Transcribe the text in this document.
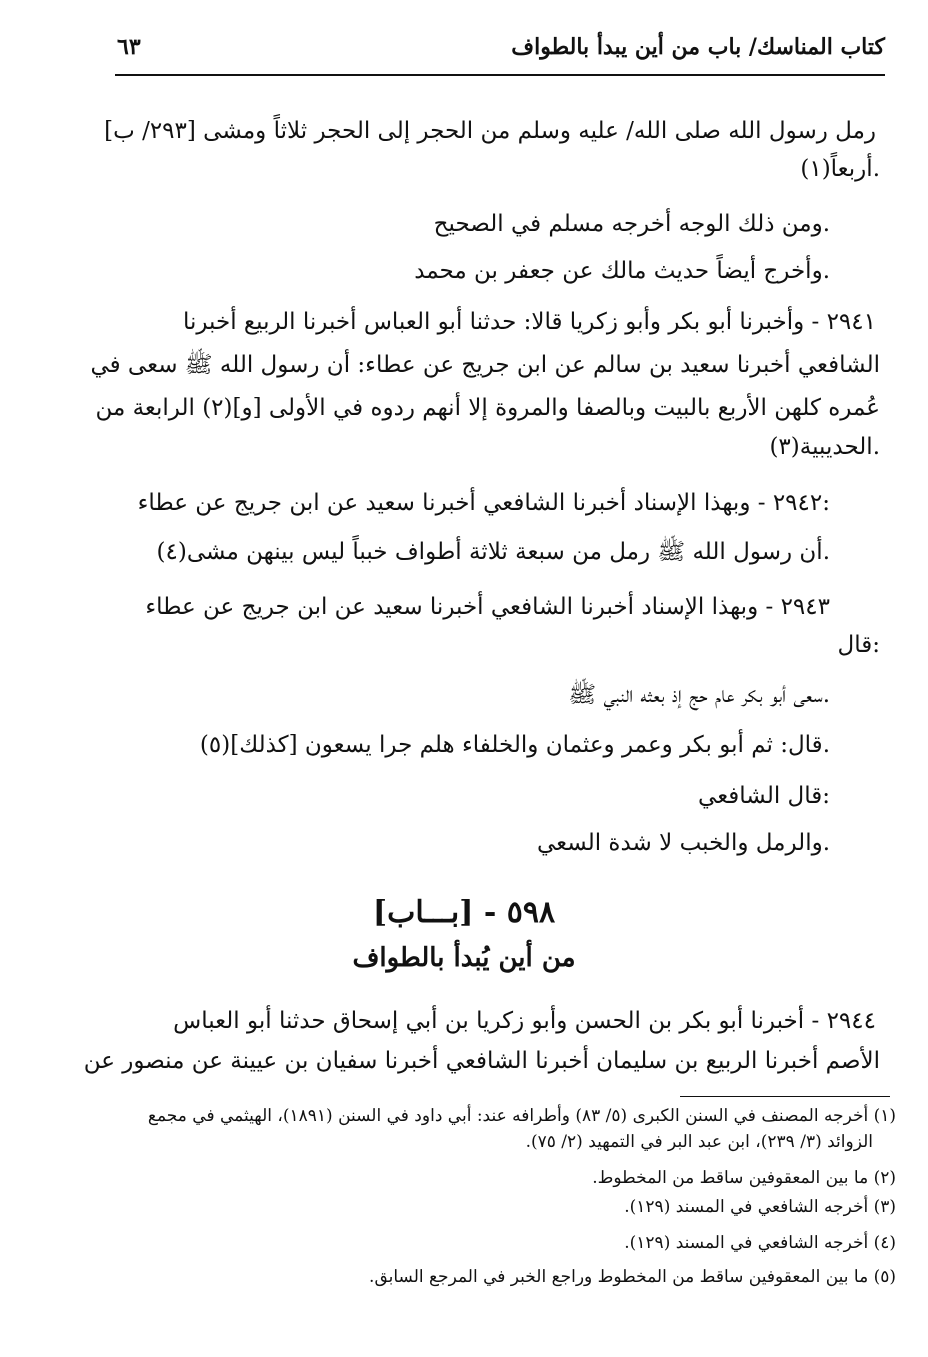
كتاب المناسك/ باب من أين يبدأ بالطواف
٦٣
رمل رسول الله صلى الله/ عليه وسلم من الحجر إلى الحجر ثلاثاً ومشى [٢٩٣/ ب]
أربعاً(١).
ومن ذلك الوجه أخرجه مسلم في الصحيح.
وأخرج أيضاً حديث مالك عن جعفر بن محمد.
٢٩٤١ - وأخبرنا أبو بكر وأبو زكريا قالا: حدثنا أبو العباس أخبرنا الربيع أخبرنا
الشافعي أخبرنا سعيد بن سالم عن ابن جريج عن عطاء: أن رسول الله ﷺ سعى في
عُمره كلهن الأربع بالبيت وبالصفا والمروة إلا أنهم ردوه في الأولى [و](٢) الرابعة من
الحديبية(٣).
٢٩٤٢ - وبهذا الإسناد أخبرنا الشافعي أخبرنا سعيد عن ابن جريج عن عطاء:
أن رسول الله ﷺ رمل من سبعة ثلاثة أطواف خبباً ليس بينهن مشى(٤).
٢٩٤٣ - وبهذا الإسناد أخبرنا الشافعي أخبرنا سعيد عن ابن جريج عن عطاء
قال:
سعى أبو بكر عام حج إذ بعثه النبي ﷺ.
قال: ثم أبو بكر وعمر وعثمان والخلفاء هلم جرا يسعون [كذلك](٥).
قال الشافعي:
والرمل والخبب لا شدة السعي.
٥٩٨ - [بـــاب]
من أين يُبدأ بالطواف
٢٩٤٤ - أخبرنا أبو بكر بن الحسن وأبو زكريا بن أبي إسحاق حدثنا أبو العباس
الأصم أخبرنا الربيع بن سليمان أخبرنا الشافعي أخبرنا سفيان بن عيينة عن منصور عن
(١) أخرجه المصنف في السنن الكبرى (٥/ ٨٣) وأطرافه عند: أبي داود في السنن (١٨٩١)، الهيثمي في مجمع
الزوائد (٣/ ٢٣٩)، ابن عبد البر في التمهيد (٢/ ٧٥).
(٢) ما بين المعقوفين ساقط من المخطوط.
(٣) أخرجه الشافعي في المسند (١٢٩).
(٤) أخرجه الشافعي في المسند (١٢٩).
(٥) ما بين المعقوفين ساقط من المخطوط وراجع الخبر في المرجع السابق.
